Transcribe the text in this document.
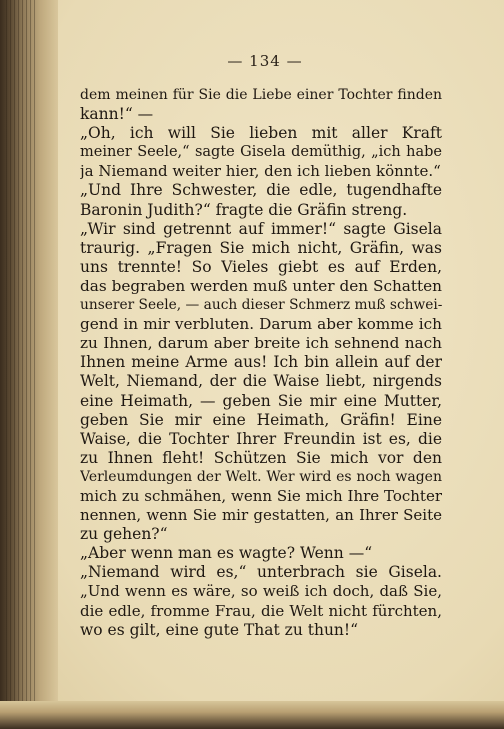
— 134 —
dem meinen für Sie die Liebe einer Tochter finden
kann!“ —
„Oh, ich will Sie lieben mit aller Kraft
meiner Seele,“ sagte Gisela demüthig, „ich habe
ja Niemand weiter hier, den ich lieben könnte.“
„Und Ihre Schwester, die edle, tugendhafte
Baronin Judith?“ fragte die Gräfin streng.
„Wir sind getrennt auf immer!“ sagte Gisela
traurig. „Fragen Sie mich nicht, Gräfin, was
uns trennte! So Vieles giebt es auf Erden,
das begraben werden muß unter den Schatten
unserer Seele, — auch dieser Schmerz muß schwei-
gend in mir verbluten. Darum aber komme ich
zu Ihnen, darum aber breite ich sehnend nach
Ihnen meine Arme aus! Ich bin allein auf der
Welt, Niemand, der die Waise liebt, nirgends
eine Heimath, — geben Sie mir eine Mutter,
geben Sie mir eine Heimath, Gräfin! Eine
Waise, die Tochter Ihrer Freundin ist es, die
zu Ihnen fleht! Schützen Sie mich vor den
Verleumdungen der Welt. Wer wird es noch wagen
mich zu schmähen, wenn Sie mich Ihre Tochter
nennen, wenn Sie mir gestatten, an Ihrer Seite
zu gehen?“
„Aber wenn man es wagte? Wenn —“
„Niemand wird es,“ unterbrach sie Gisela.
„Und wenn es wäre, so weiß ich doch, daß Sie,
die edle, fromme Frau, die Welt nicht fürchten,
wo es gilt, eine gute That zu thun!“
